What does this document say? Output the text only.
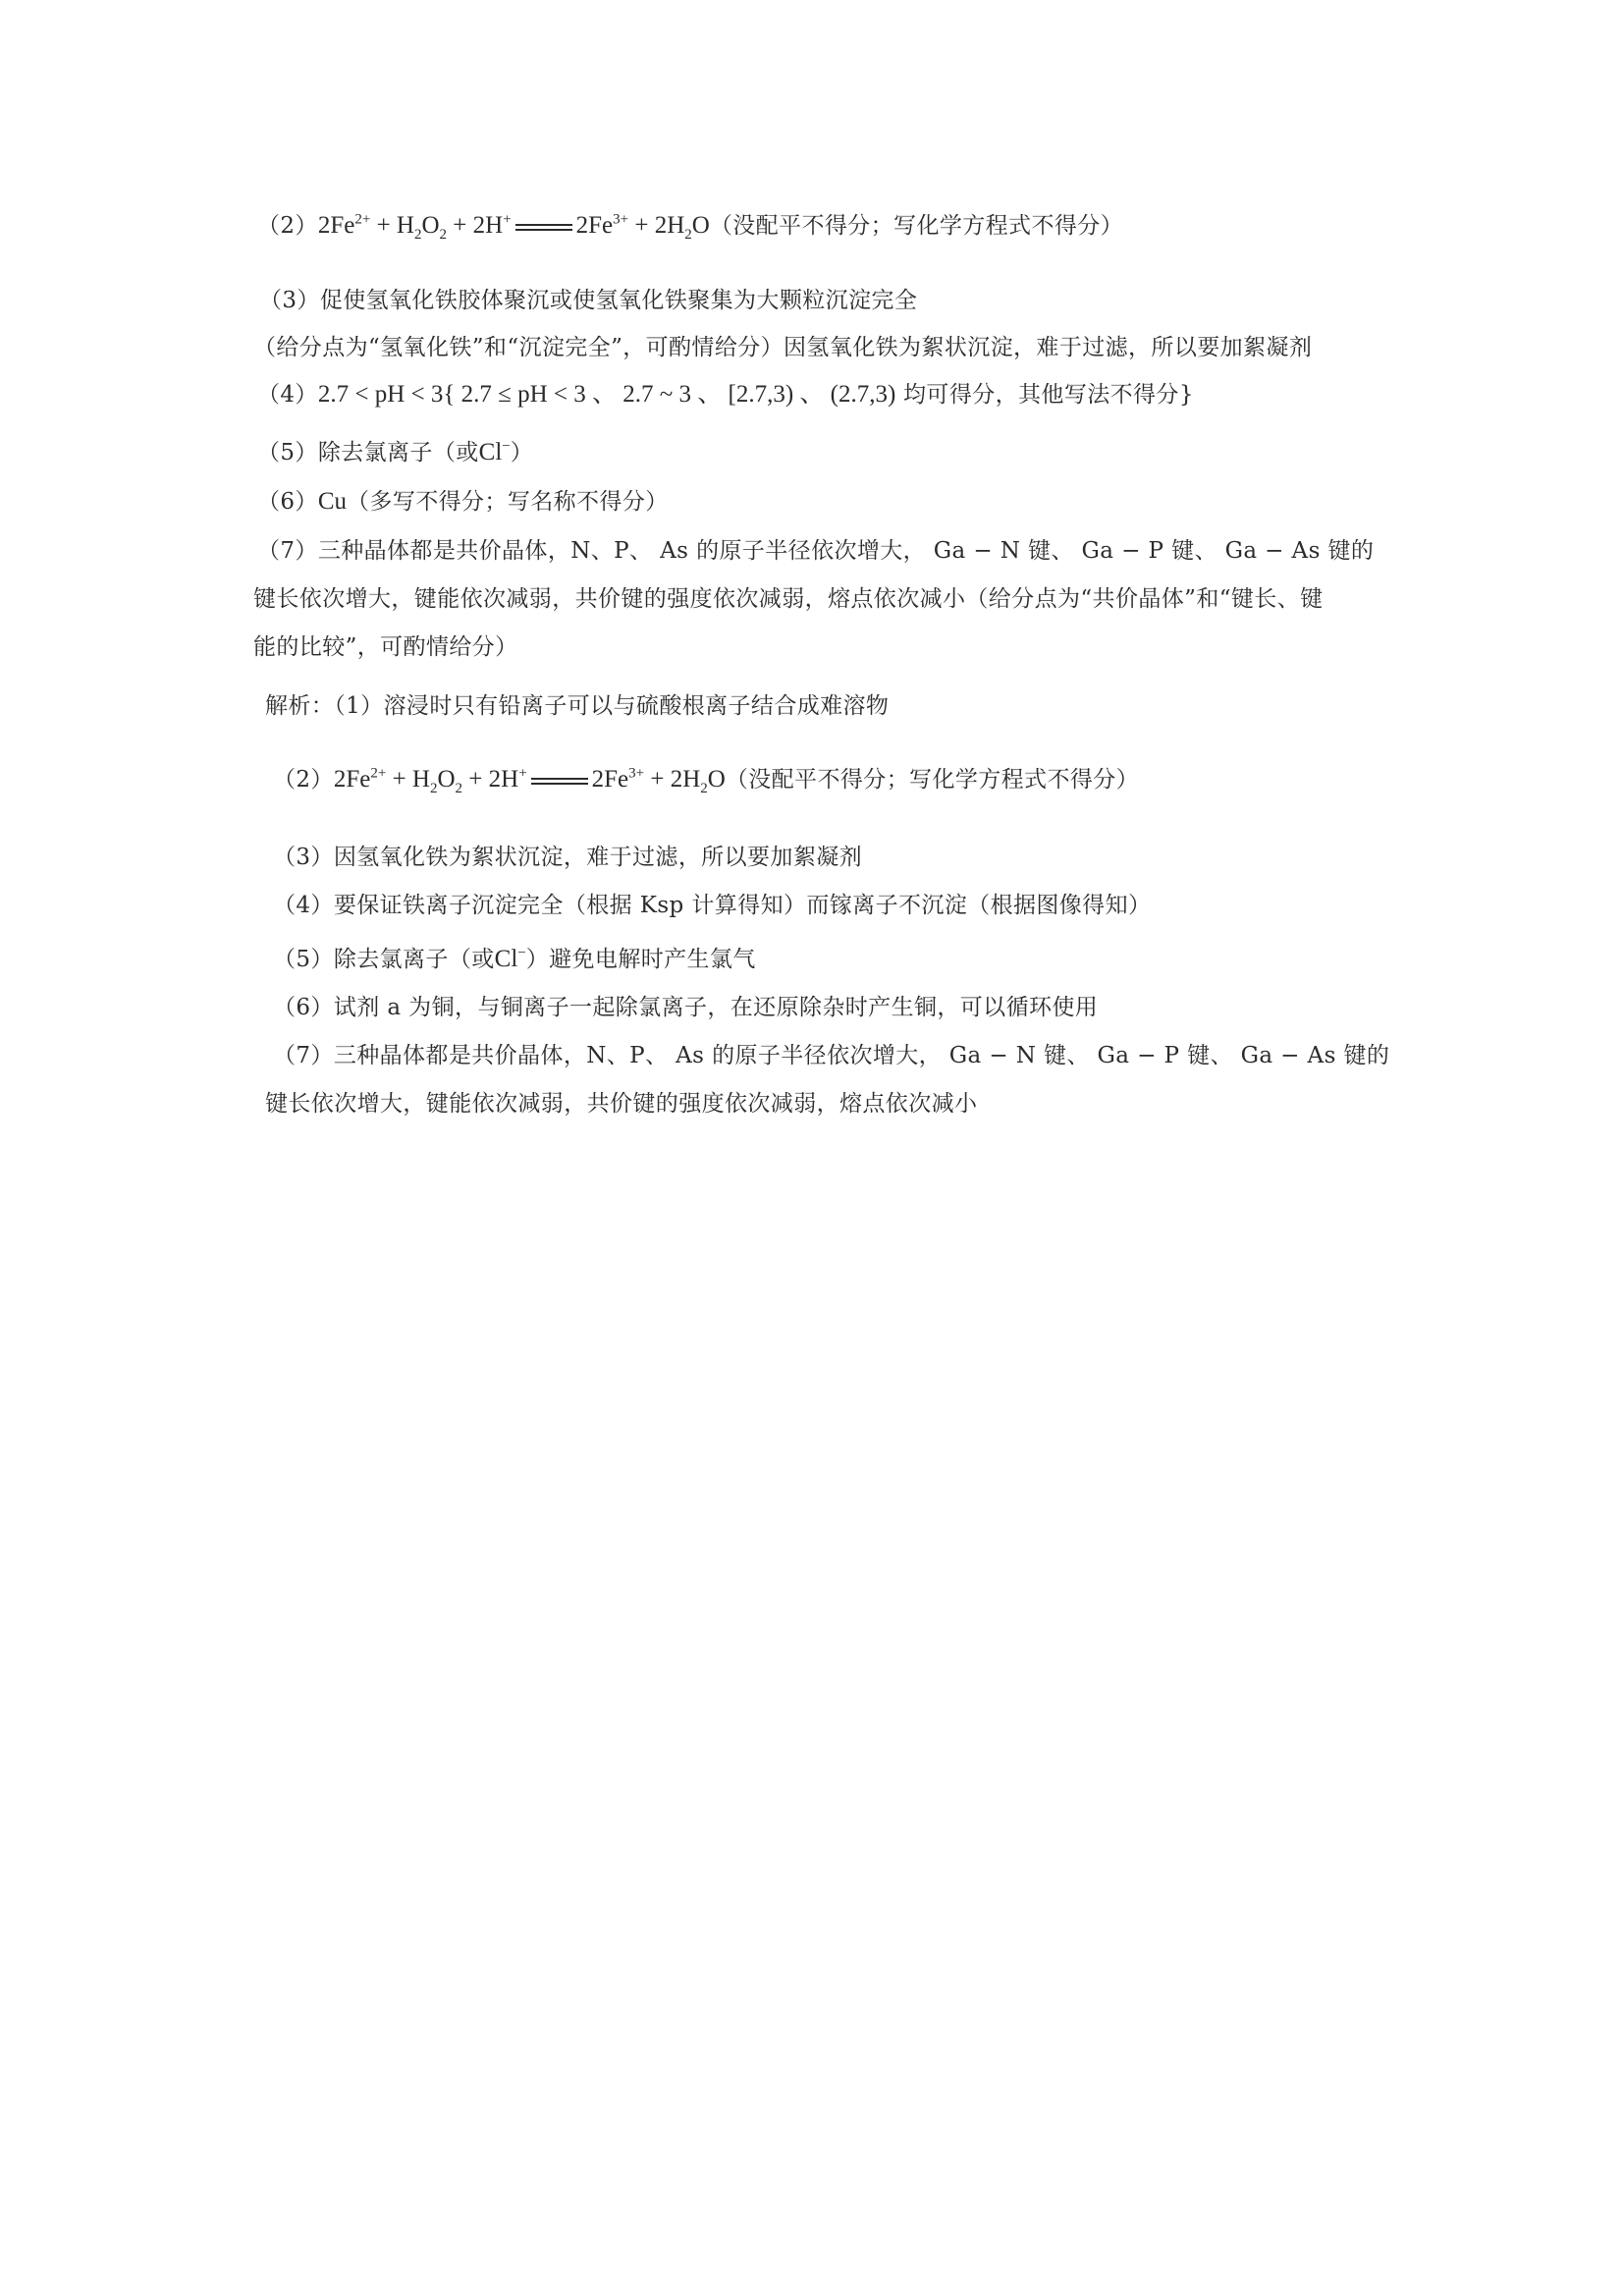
$(2)2Fe^{2+} + H_2O_2 + 2H^+$	$2Fe^{3+} + 2H_2O$（没配平不得分；写化学方程式不得分）
（3）促使氢氧化铁胶体聚沉或使氢氧化铁聚集为大颗粒沉淀完全
（给分点为“氢氧化铁”和“沉淀完全”，可酌情给分）因氢氧化铁为絮状沉淀，难于过滤，所以要加絮凝剂
（4）2.7 < pH < 3{ 2.7 ≤ pH < 3 、 2.7 ~ 3 、 [2.7,3) 、 (2.7,3) 均可得分，其他写法不得分}
（5）除去氯离子（或Cl−）
（6）Cu（多写不得分；写名称不得分）
（7）三种晶体都是共价晶体，N、P、 As 的原子半径依次增大， Ga − N 键、 Ga − P 键、 Ga − As 键的
键长依次增大，键能依次减弱，共价键的强度依次减弱，熔点依次减小（给分点为“共价晶体”和“键长、键
能的比较”，可酌情给分）
解析：（1）溶浸时只有铅离子可以与硫酸根离子结合成难溶物
$(2)2Fe^{2+} + H_2O_2 + 2H^+$	$2Fe^{3+} + 2H_2O$（没配平不得分；写化学方程式不得分）
（3）因氢氧化铁为絮状沉淀，难于过滤，所以要加絮凝剂
（4）要保证铁离子沉淀完全（根据 Ksp 计算得知）而镓离子不沉淀（根据图像得知）
（5）除去氯离子（或Cl−）避免电解时产生氯气
（6）试剂 a 为铜，与铜离子一起除氯离子，在还原除杂时产生铜，可以循环使用
（7）三种晶体都是共价晶体，N、P、 As 的原子半径依次增大， Ga − N 键、 Ga − P 键、 Ga − As 键的
键长依次增大，键能依次减弱，共价键的强度依次减弱，熔点依次减小
